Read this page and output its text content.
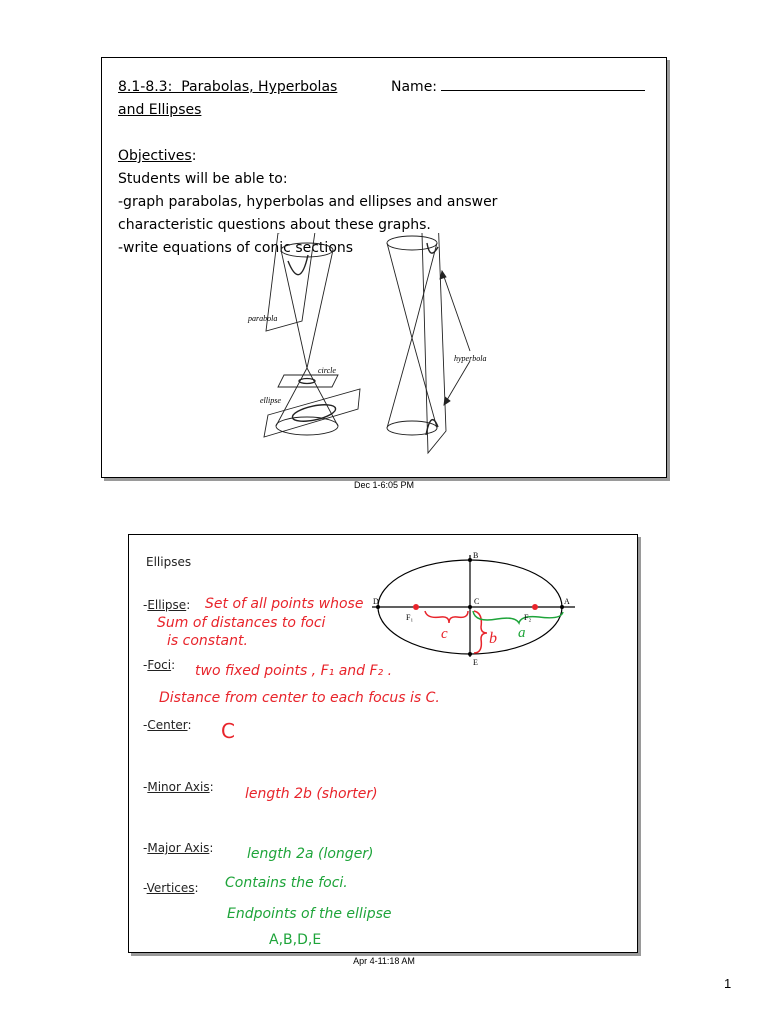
8.1-8.3:  Parabolas, Hyperbolas
and Ellipses

Objectives:
Students will be able to:
-graph parabolas, hyperbolas and ellipses and answer
characteristic questions about these graphs.
-write equations of conic sections
Name:
parabola
circle
ellipse
hyperbola
Dec 1-6:05 PM
Ellipses
-Ellipse:
-Foci:
-Center:
-Minor Axis:
-Major Axis:
-Vertices:
Set of all points whose
Sum of distances to foci
is constant.
two fixed points , F₁ and F₂ .
Distance from center to each focus is C.
C
length 2b (shorter)
length 2a (longer)
Contains the foci.
Endpoints of the ellipse
A,B,D,E
B
D	C	A
E
F₁	F₂
c	b a
Apr 4-11:18 AM
1
